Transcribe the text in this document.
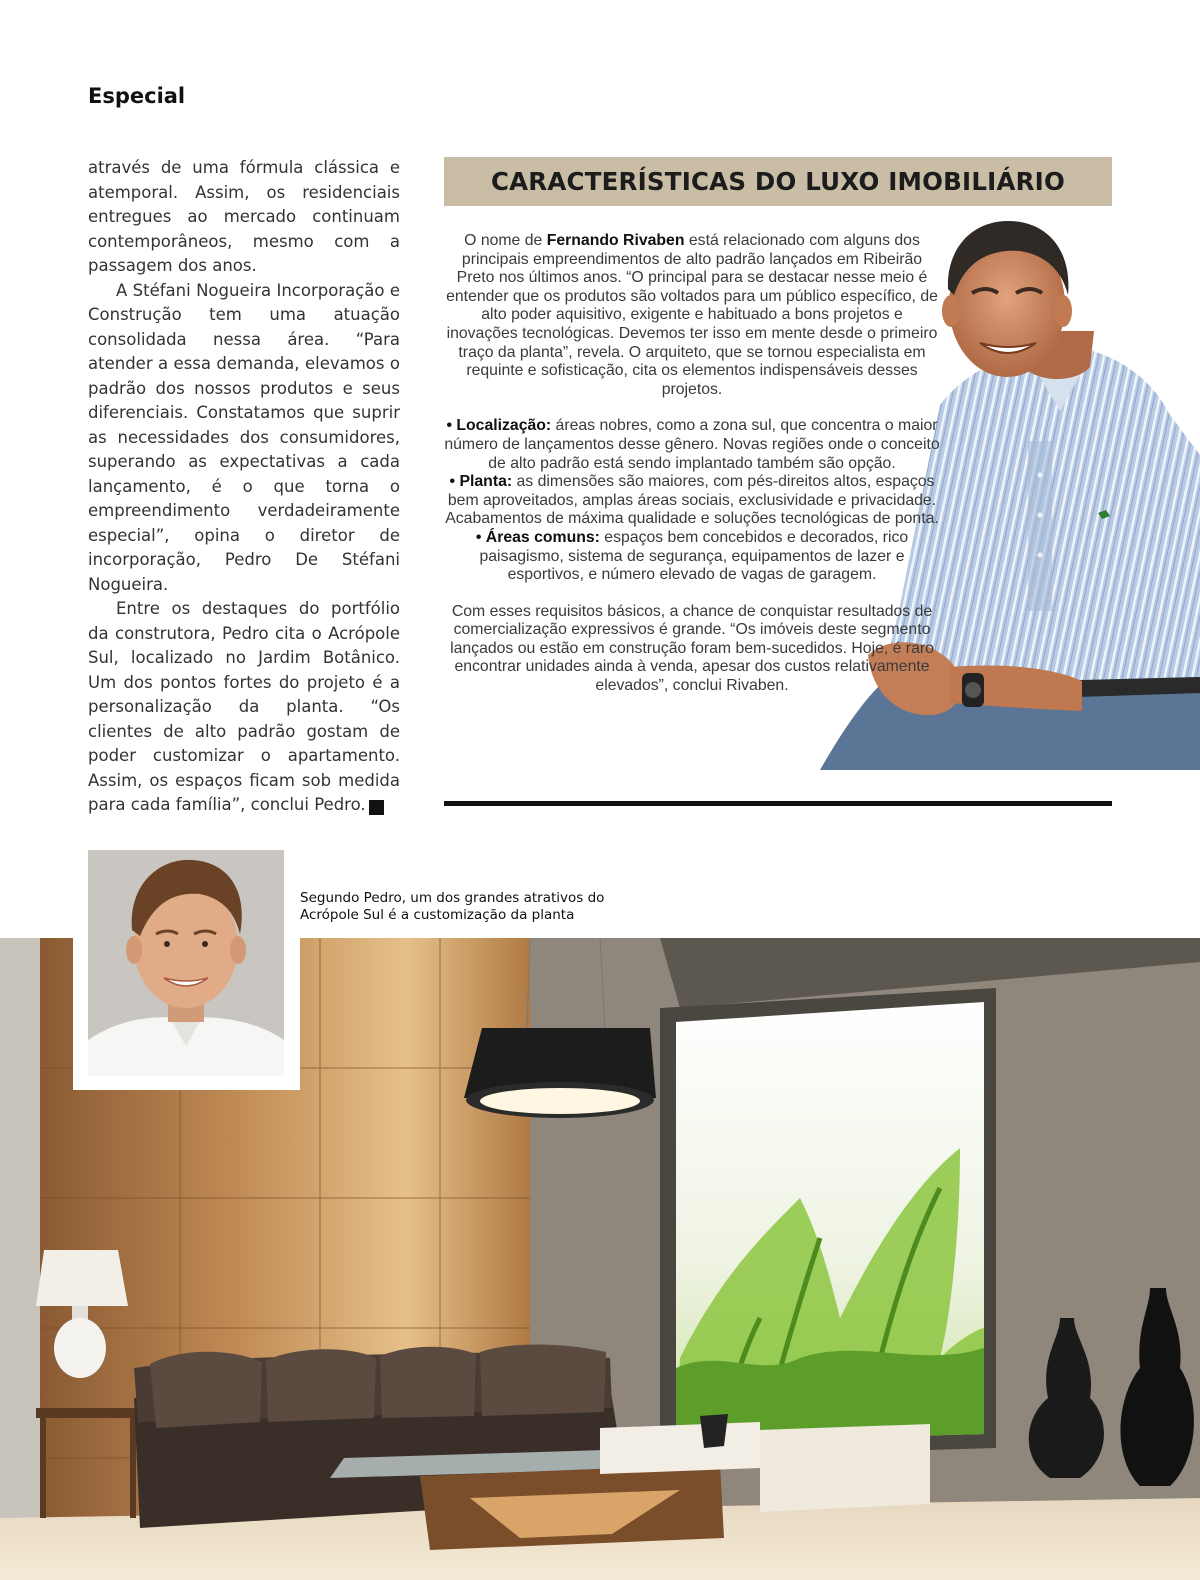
Especial

através de uma fórmula clássica e atemporal. Assim, os residenciais entregues ao mercado continuam contemporâneos, mesmo com a passagem dos anos.

A Stéfani Nogueira Incorporação e Construção tem uma atuação consolidada nessa área. “Para atender a essa demanda, elevamos o padrão dos nossos produtos e seus diferenciais. Constatamos que suprir as necessidades dos consumidores, superando as expectativas a cada lançamento, é o que torna o empreendimento verdadeiramente especial”, opina o diretor de incorporação, Pedro De Stéfani Nogueira.

Entre os destaques do portfólio da construtora, Pedro cita o Acrópole Sul, localizado no Jardim Botânico. Um dos pontos fortes do projeto é a personalização da planta. “Os clientes de alto padrão gostam de poder customizar o apartamento. Assim, os espaços ficam sob medida para cada família”, conclui Pedro.	r

CARACTERÍSTICAS DO LUXO IMOBILIÁRIO

O nome de Fernando Rivaben está relacionado com alguns dos principais empreendimentos de alto padrão lançados em Ribeirão Preto nos últimos anos. “O principal para se destacar nesse meio é entender que os produtos são voltados para um público específico, de alto poder aquisitivo, exigente e habituado a bons projetos e inovações tecnológicas. Devemos ter isso em mente desde o primeiro traço da planta”, revela. O arquiteto, que se tornou especialista em requinte e sofisticação, cita os elementos indispensáveis desses projetos.

• Localização: áreas nobres, como a zona sul, que concentra o maior número de lançamentos desse gênero. Novas regiões onde o conceito de alto padrão está sendo implantado também são opção.
• Planta: as dimensões são maiores, com pés-direitos altos, espaços bem aproveitados, amplas áreas sociais, exclusividade e privacidade. Acabamentos de máxima qualidade e soluções tecnológicas de ponta.
• Áreas comuns: espaços bem concebidos e decorados, rico paisagismo, sistema de segurança, equipamentos de lazer e esportivos, e número elevado de vagas de garagem.

Com esses requisitos básicos, a chance de conquistar resultados de comercialização expressivos é grande. “Os imóveis deste segmento lançados ou estão em construção foram bem-sucedidos. Hoje, é raro encontrar unidades ainda à venda, apesar dos custos relativamente elevados”, conclui Rivaben.

Segundo Pedro, um dos grandes atrativos do
Acrópole Sul é a customização da planta
